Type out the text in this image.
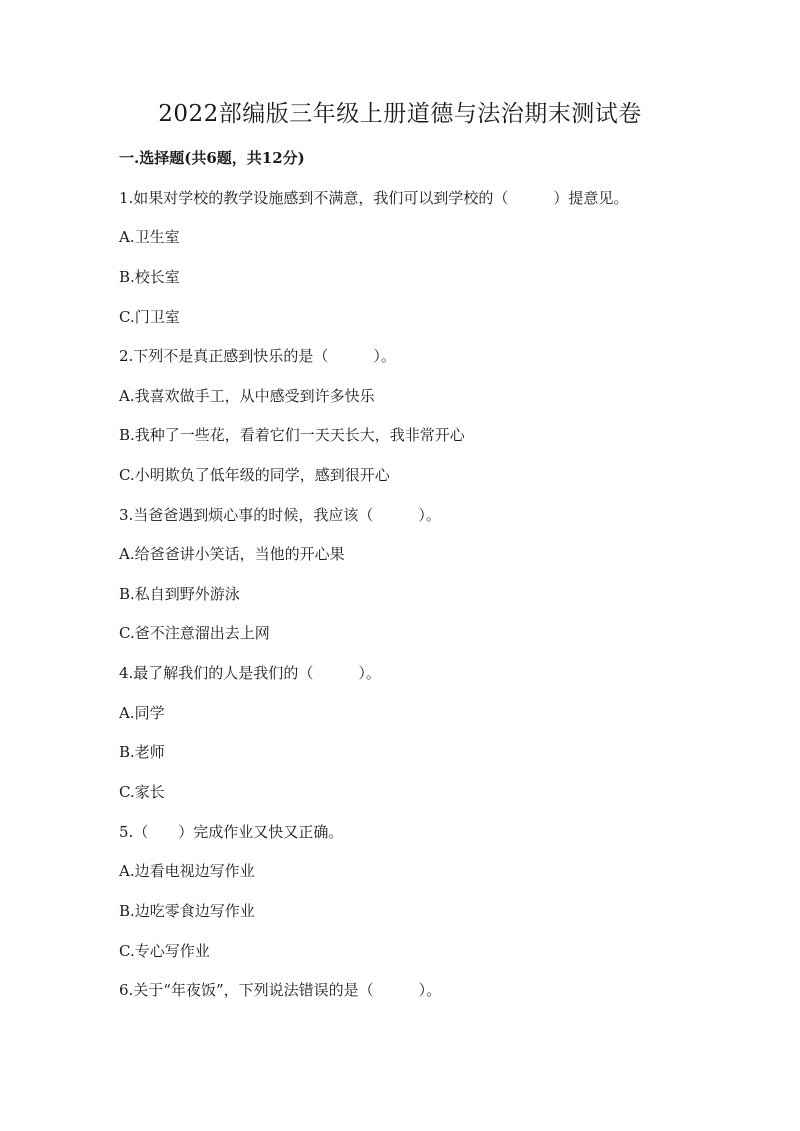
2022部编版三年级上册道德与法治期末测试卷
一.选择题(共6题，共12分)
1.如果对学校的教学设施感到不满意，我们可以到学校的（　　　）提意见。
A.卫生室
B.校长室
C.门卫室
2.下列不是真正感到快乐的是（　　　）。
A.我喜欢做手工，从中感受到许多快乐
B.我种了一些花，看着它们一天天长大，我非常开心
C.小明欺负了低年级的同学，感到很开心
3.当爸爸遇到烦心事的时候，我应该（　　　）。
A.给爸爸讲小笑话，当他的开心果
B.私自到野外游泳
C.爸不注意溜出去上网
4.最了解我们的人是我们的（　　　）。
A.同学
B.老师
C.家长
5.（　　）完成作业又快又正确。
A.边看电视边写作业
B.边吃零食边写作业
C.专心写作业
6.关于“年夜饭”，下列说法错误的是（　　　）。
